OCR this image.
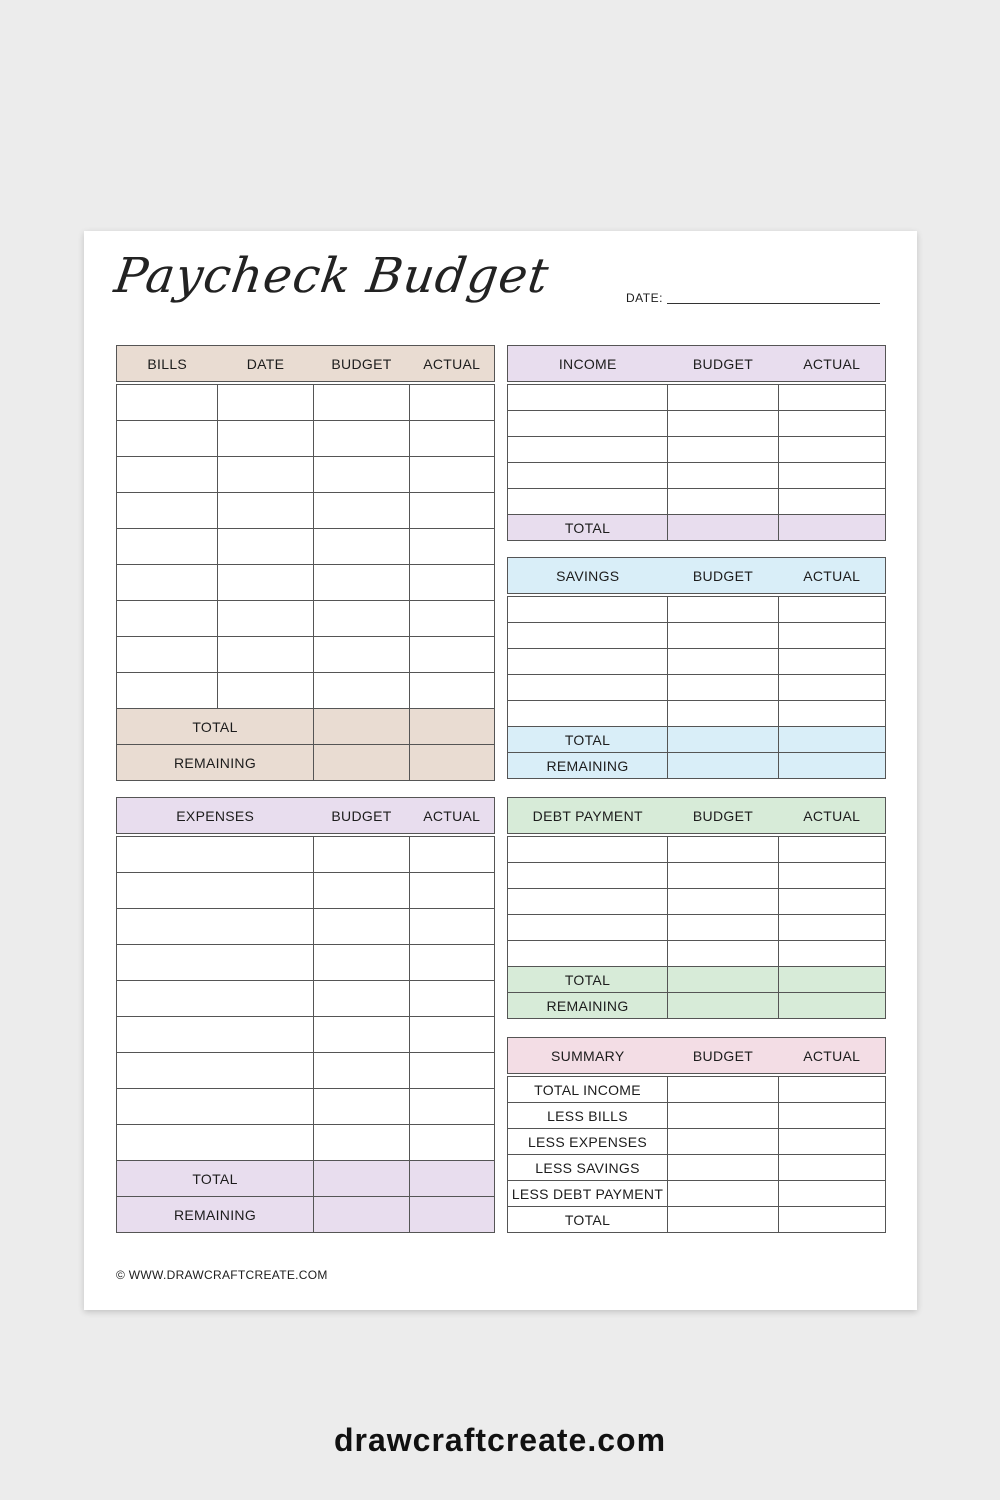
Paycheck Budget	DATE:
BILLS	DATE	BUDGET	ACTUAL

TOTAL			
REMAINING			
EXPENSES	BUDGET	ACTUAL

TOTAL		
REMAINING		
INCOME	BUDGET	ACTUAL

TOTAL		
SAVINGS	BUDGET	ACTUAL

TOTAL		
REMAINING		
DEBT PAYMENT	BUDGET	ACTUAL

TOTAL		
REMAINING		
SUMMARY	BUDGET	ACTUAL

TOTAL INCOME		
LESS BILLS		
LESS EXPENSES		
LESS SAVINGS		
LESS DEBT PAYMENT		
TOTAL		
© WWW.DRAWCRAFTCREATE.COM
drawcraftcreate.com
